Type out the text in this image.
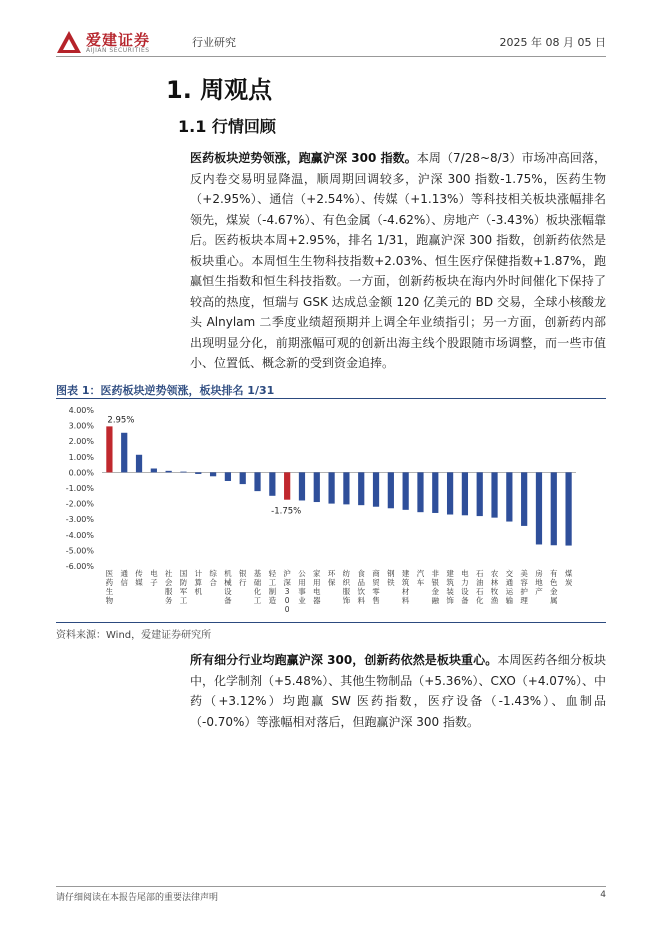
爱建证券
AIJIAN SECURITIES
行业研究	2025 年 08 月 05 日
1. 周观点
1.1 行情回顾
医药板块逆势领涨，跑赢沪深 300 指数。本周（7/28~8/3）市场冲高回落，反内卷交易明显降温，顺周期回调较多，沪深 300 指数-1.75%，医药生物（+2.95%）、通信（+2.54%）、传媒（+1.13%）等科技相关板块涨幅排名领先，煤炭（-4.67%）、有色金属（-4.62%）、房地产（-3.43%）板块涨幅靠后。医药板块本周+2.95%，排名 1/31，跑赢沪深 300 指数，创新药依然是板块重心。本周恒生生物科技指数+2.03%、恒生医疗保健指数+1.87%，跑赢恒生指数和恒生科技指数。一方面，创新药板块在海内外时间催化下保持了较高的热度，恒瑞与 GSK 达成总金额 120 亿美元的 BD 交易，全球小核酸龙头 Alnylam 二季度业绩超预期并上调全年业绩指引；另一方面，创新药内部出现明显分化，前期涨幅可观的创新出海主线个股跟随市场调整，而一些市值小、位置低、概念新的受到资金追捧。
图表 1：医药板块逆势领涨，板块排名 1/31
4.00%
3.00%
2.00%
1.00%
0.00%
-1.00%
-2.00%
-3.00%
-4.00%
-5.00%
-6.00%
2.95%
医
药
生
物
通
信
传
媒
电
子
社
会
服
务
国
防
军
工
计
算
机
综
合
机
械
设
备
银
行
基
础
化
工
轻
工
制
造
-1.75%
沪
深
3
0
0
公
用
事
业
家
用
电
器
环
保
纺
织
服
饰
食
品
饮
料
商
贸
零
售
钢
铁
建
筑
材
料
汽
车
非
银
金
融
建
筑
装
饰
电
力
设
备
石
油
石
化
农
林
牧
渔
交
通
运
输
美
容
护
理
房
地
产
有
色
金
属
煤
炭
资料来源：Wind，爱建证券研究所
所有细分行业均跑赢沪深 300，创新药依然是板块重心。本周医药各细分板块中，化学制剂（+5.48%）、其他生物制品（+5.36%）、CXO（+4.07%）、中药（+3.12%）均跑赢 SW 医药指数，医疗设备（-1.43%）、血制品（-0.70%）等涨幅相对落后，但跑赢沪深 300 指数。
请仔细阅读在本报告尾部的重要法律声明	4
